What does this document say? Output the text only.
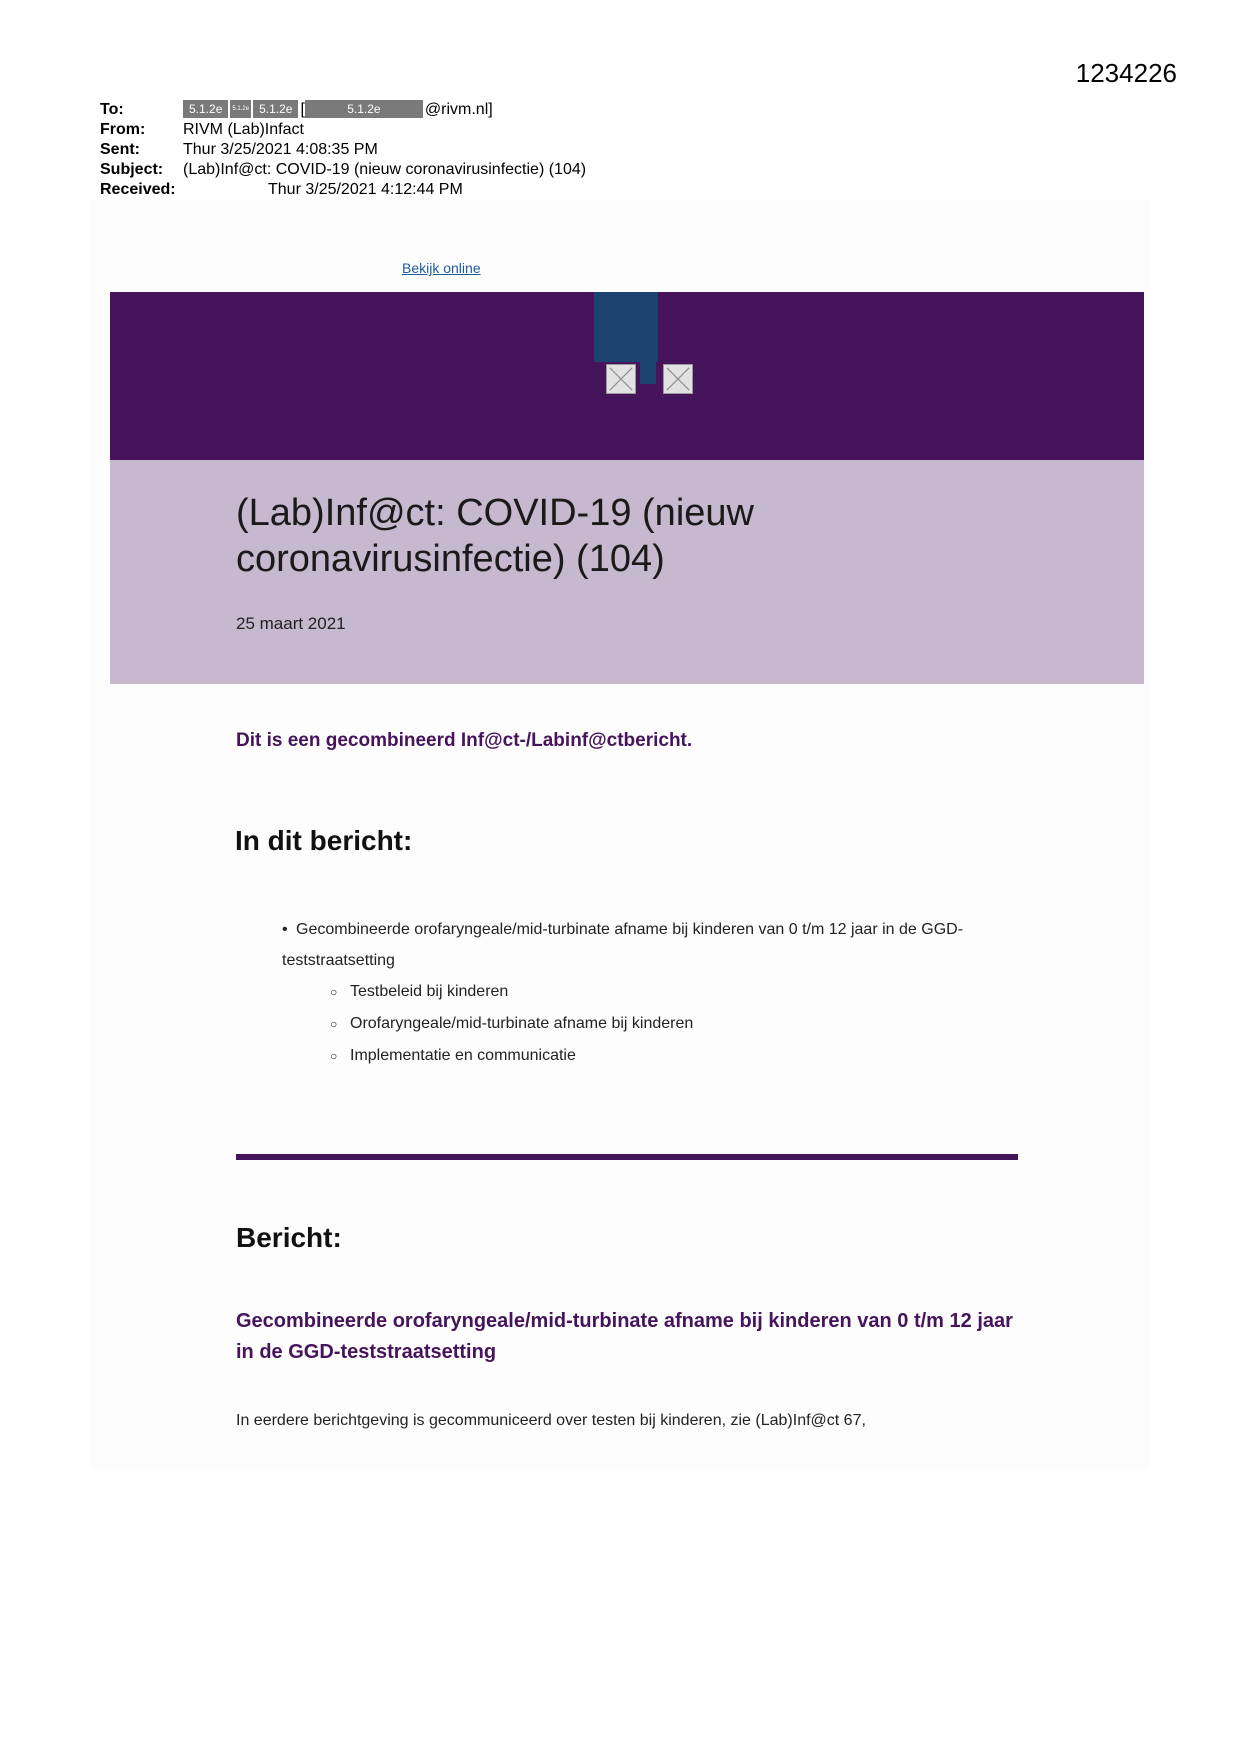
1234226
To:	5.1.2e 5.1.2e 5.1.2e [	5.1.2e	@rivm.nl]
From: RIVM (Lab)Infact
Sent:	Thur 3/25/2021 4:08:35 PM
Subject: (Lab)Inf@ct: COVID-19 (nieuw coronavirusinfectie) (104)
Received:	Thur 3/25/2021 4:12:44 PM
Bekijk online
(Lab)Inf@ct: COVID-19 (nieuw coronavirusinfectie) (104)
25 maart 2021
Dit is een gecombineerd Inf@ct-/Labinf@ctbericht.
In dit bericht:
• Gecombineerde orofaryngeale/mid-turbinate afname bij kinderen van 0 t/m 12 jaar in de GGD-teststraatsetting
○ Testbeleid bij kinderen
○ Orofaryngeale/mid-turbinate afname bij kinderen
○ Implementatie en communicatie
Bericht:
Gecombineerde orofaryngeale/mid-turbinate afname bij kinderen van 0 t/m 12 jaar in de GGD-teststraatsetting
In eerdere berichtgeving is gecommuniceerd over testen bij kinderen, zie (Lab)Inf@ct 67,
